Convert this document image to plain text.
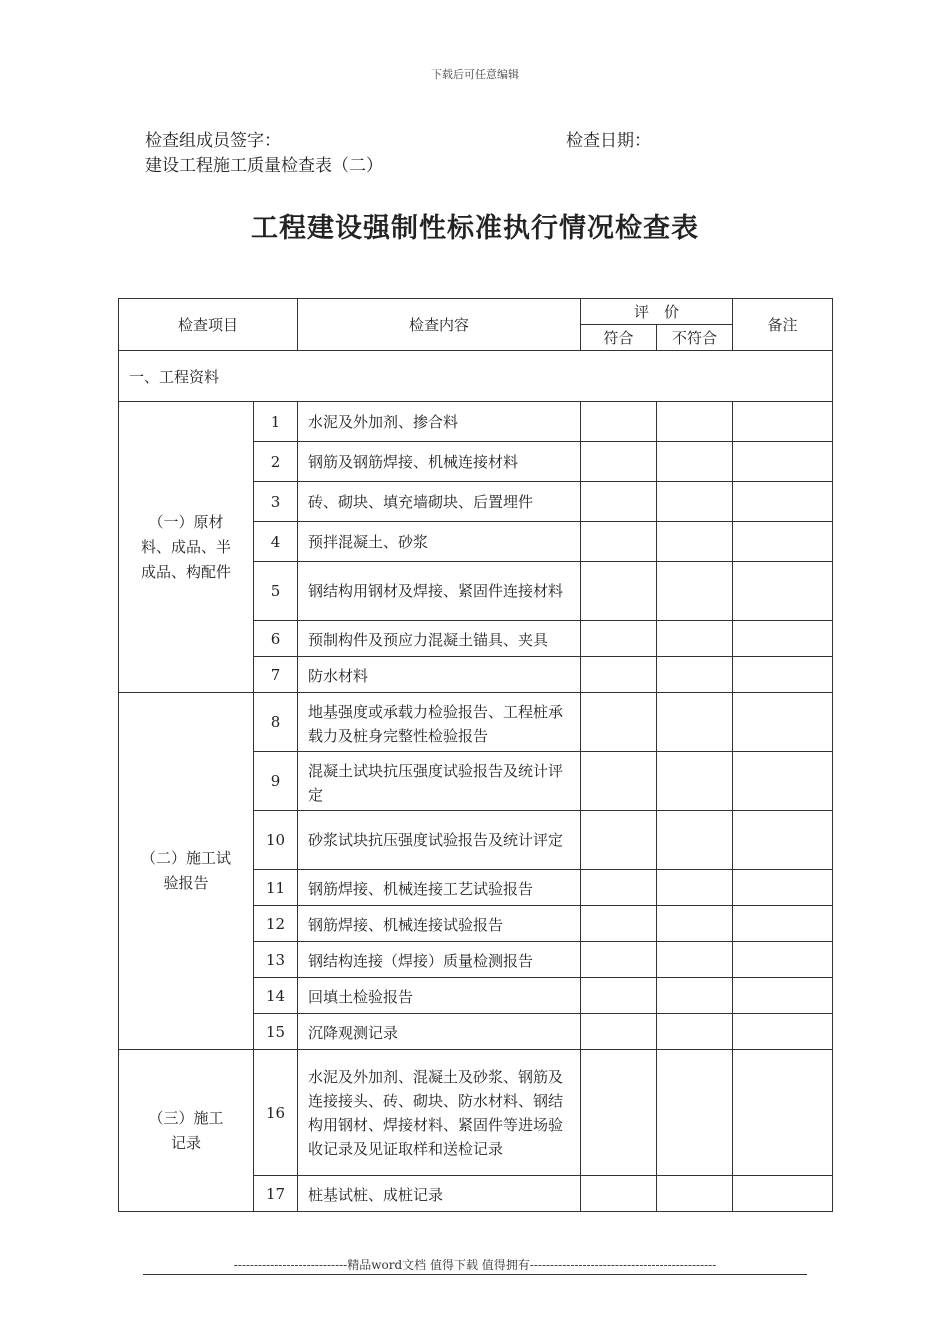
下载后可任意编辑
检查组成员签字：	检查日期：
建设工程施工质量检查表（二）
工程建设强制性标准执行情况检查表
检查项目		检查内容	评　价		备注
			符合	不符合	
一、工程资料					

（一）原材料、成品、半成品、构配件	1	水泥及外加剂、掺合料			

	2	钢筋及钢筋焊接、机械连接材料			

	3	砖、砌块、填充墙砌块、后置埋件			

	4	预拌混凝土、砂浆			

	5	钢结构用钢材及焊接、紧固件连接材料			

	6	预制构件及预应力混凝土锚具、夹具			

	7	防水材料			

（二）施工试验报告	8	地基强度或承载力检验报告、工程桩承载力及桩身完整性检验报告			

	9	混凝土试块抗压强度试验报告及统计评定			

	10	砂浆试块抗压强度试验报告及统计评定			

	11	钢筋焊接、机械连接工艺试验报告			

	12	钢筋焊接、机械连接试验报告			

	13	钢结构连接（焊接）质量检测报告			

	14	回填土检验报告			

	15	沉降观测记录			

（三）施工记录	16	水泥及外加剂、混凝土及砂浆、钢筋及连接接头、砖、砌块、防水材料、钢结构用钢材、焊接材料、紧固件等进场验收记录及见证取样和送检记录			

	17	桩基试桩、成桩记录			

----------------------------精品word文档 值得下载 值得拥有----------------------------------------------
